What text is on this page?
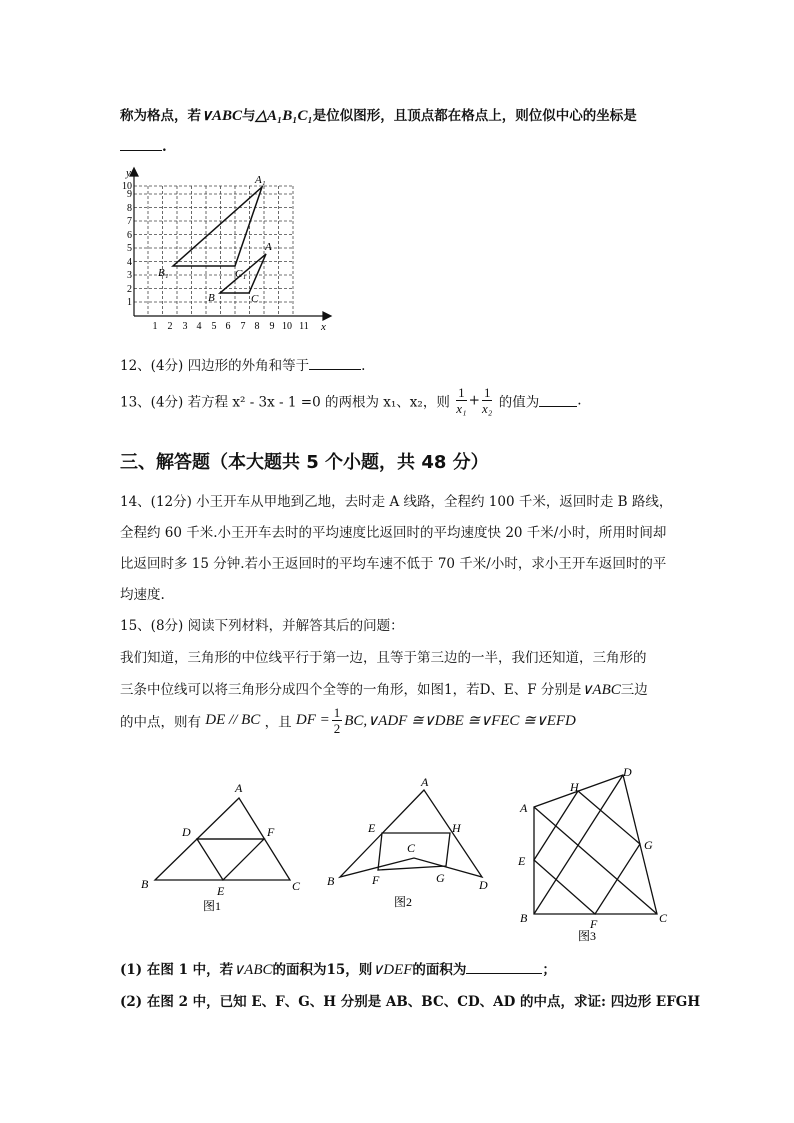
称为格点，若∨ABC与△A₁B₁C₁是位似图形，且顶点都在格点上，则位似中心的坐标是
.
y
x
1
2
3
4
5
6
7
8
9
10
1 2 3 4 5 6 7 8 9 10 11
A₁
B₁	C₁
A
B	C
12、(4分) 四边形的外角和等于	.
13、(4分) 若方程 x² - 3x - 1 =0 的两根为 x₁、x₂，则 $\frac{1}{\text{x₁}} + \frac{1}{\text{x₂}}$ 的值为	.
三、解答题（本大题共 5 个小题，共 48 分）
14、(12分) 小王开车从甲地到乙地，去时走 A 线路，全程约 100 千米，返回时走 B 路线，
全程约 60 千米.小王开车去时的平均速度比返回时的平均速度快 20 千米/小时，所用时间却
比返回时多 15 分钟.若小王返回时的平均车速不低于 70 千米/小时，求小王开车返回时的平
均速度.
15、(8分) 阅读下列材料，并解答其后的问题：
我们知道，三角形的中位线平行于第一边，且等于第三边的一半，我们还知道，三角形的
三条中位线可以将三角形分成四个全等的一角形，如图1，若D、E、F 分别是∨ABC三边
的中点，则有 DE // BC ，且 DF = $\frac{1}{2}$ BC,∨ADF ≅∨DBE ≅∨FEC ≅∨EFD
A
B	C
D
E
F
图1
A
B
C
D
E
F	G
H
图2
A
B	C
D
E
F
G
H
图3
(1) 在图 1 中，若∨ABC的面积为15，则∨DEF的面积为	；
(2) 在图 2 中，已知 E、F、G、H 分别是 AB、BC、CD、AD 的中点，求证: 四边形 EFGH
